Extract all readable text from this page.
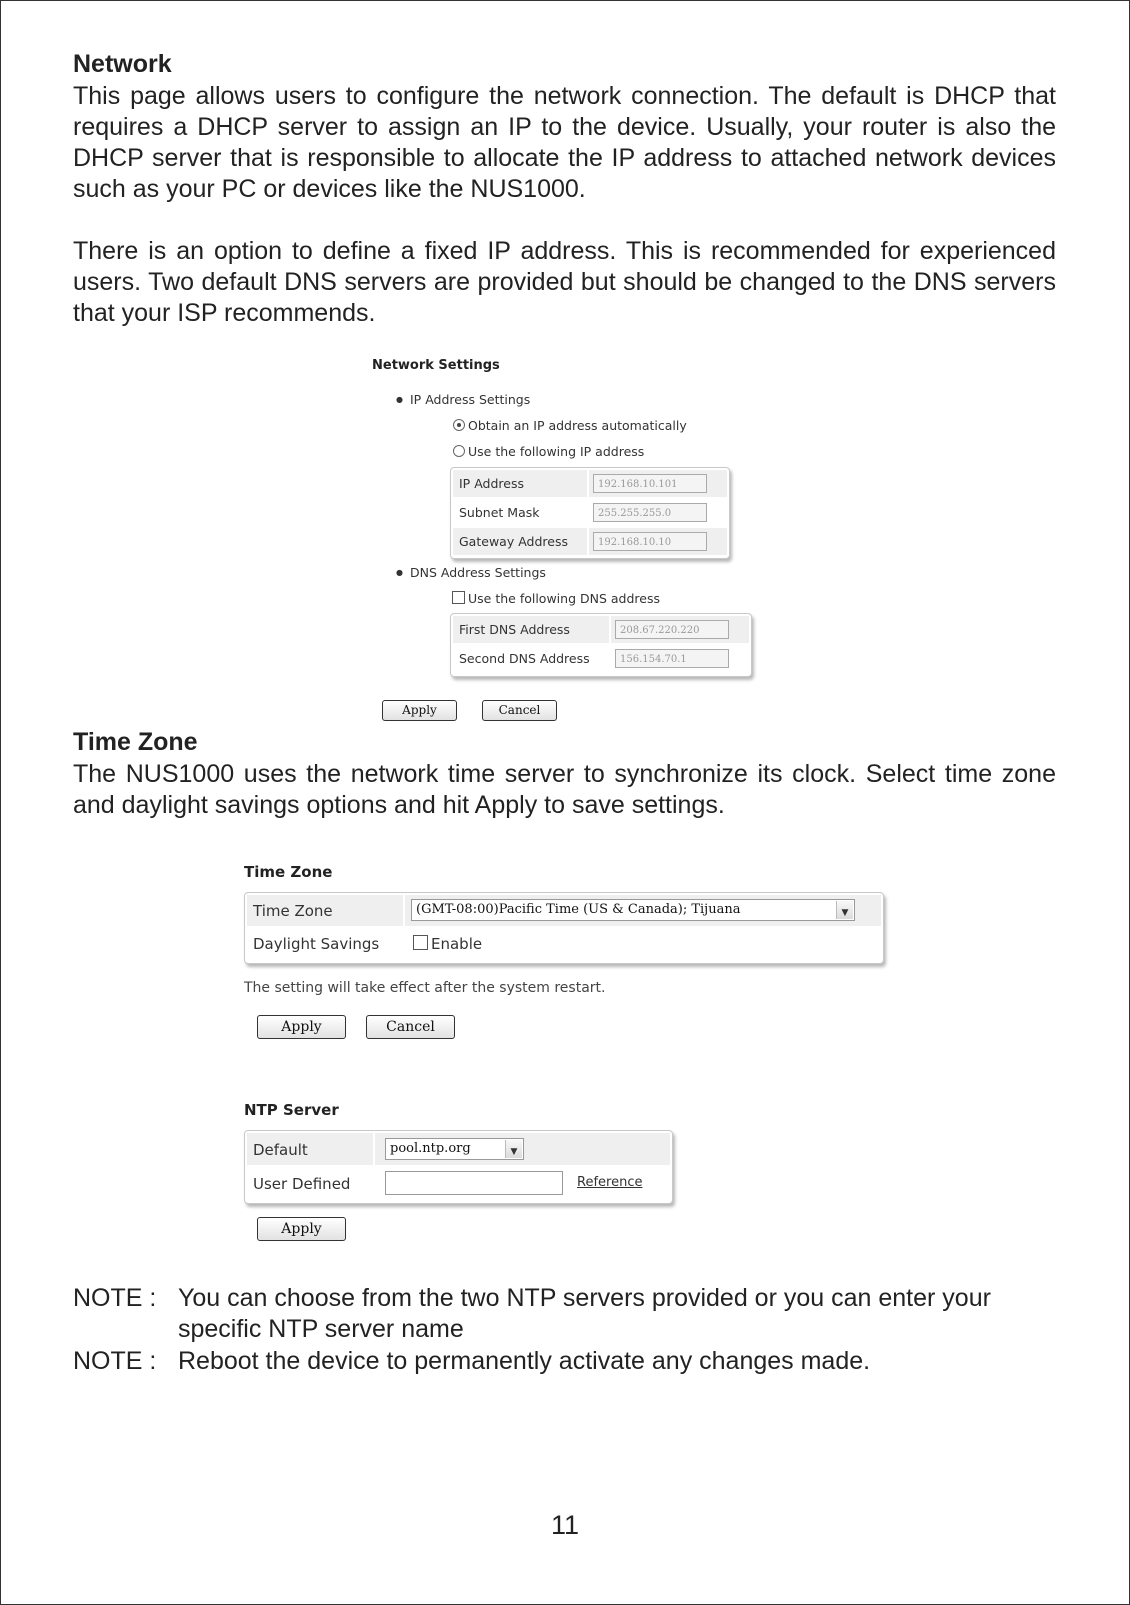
Network
This page allows users to configure the network connection. The default is DHCP that requires a DHCP server to assign an IP to the device. Usually, your router is also the DHCP server that is responsible to allocate the IP address to attached network devices such as your PC or devices like the NUS1000.
There is an option to define a fixed IP address. This is recommended for experienced users. Two default DNS servers are provided but should be changed to the DNS servers that your ISP recommends.
Network Settings
● IP Address Settings
Obtain an IP address automatically
Use the following IP address
IP Address	192.168.10.101
Subnet Mask	255.255.255.0
Gateway Address	192.168.10.10
● DNS Address Settings
Use the following DNS address
First DNS Address	208.67.220.220
Second DNS Address	156.154.70.1
Apply	Cancel
Time Zone
The NUS1000 uses the network time server to synchronize its clock. Select time zone and daylight savings options and hit Apply to save settings.
Time Zone
Time Zone	(GMT-08:00)Pacific Time (US & Canada); Tijuana
▼
Daylight Savings	Enable
The setting will take effect after the system restart.
Apply	Cancel
NTP Server
Default	pool.ntp.org
▼
User Defined	Reference
Apply
NOTE : You can choose from the two NTP servers provided or you can enter your specific NTP server name
NOTE : Reboot the device to permanently activate any changes made.
11
